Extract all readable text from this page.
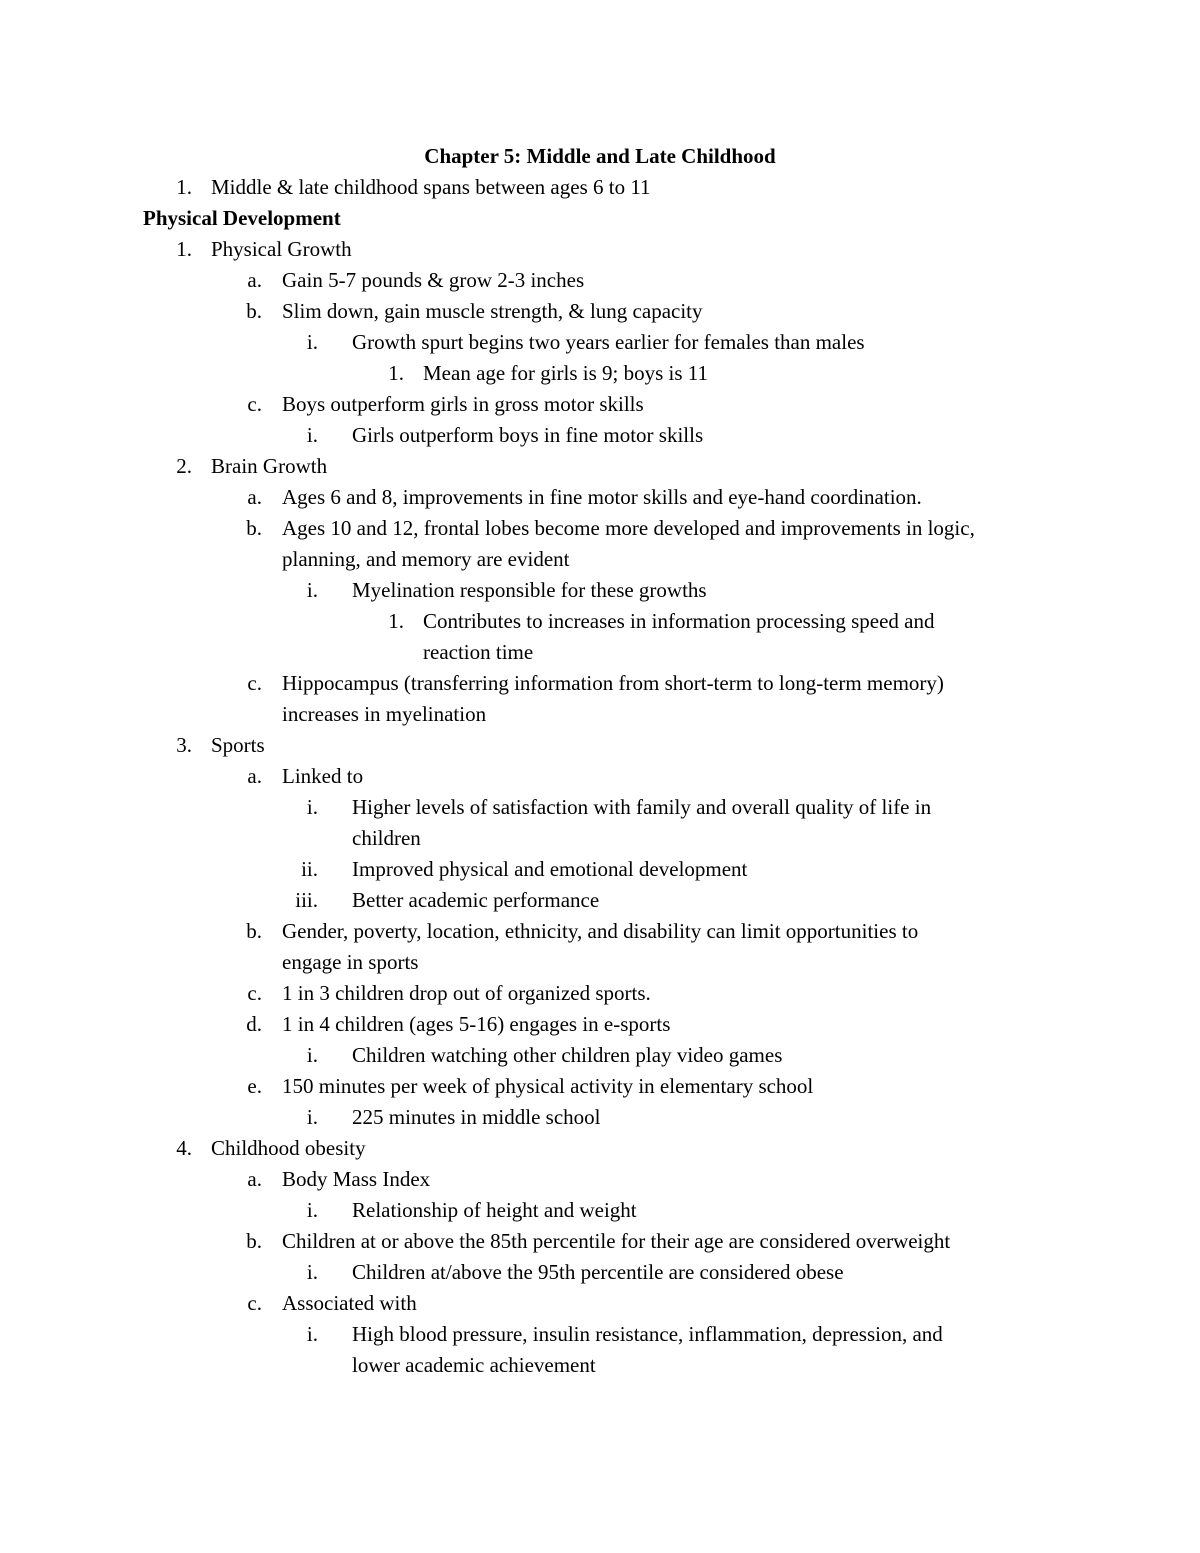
Chapter 5: Middle and Late Childhood
1. Middle & late childhood spans between ages 6 to 11
Physical Development
1. Physical Growth
a. Gain 5-7 pounds & grow 2-3 inches
b. Slim down, gain muscle strength, & lung capacity
i. Growth spurt begins two years earlier for females than males
1. Mean age for girls is 9; boys is 11
c. Boys outperform girls in gross motor skills
i. Girls outperform boys in fine motor skills
2. Brain Growth
a. Ages 6 and 8, improvements in fine motor skills and eye-hand coordination.
b. Ages 10 and 12, frontal lobes become more developed and improvements in logic,
planning, and memory are evident
i. Myelination responsible for these growths
1. Contributes to increases in information processing speed and
reaction time
c. Hippocampus (transferring information from short-term to long-term memory)
increases in myelination
3. Sports
a. Linked to
i. Higher levels of satisfaction with family and overall quality of life in
children
ii. Improved physical and emotional development
iii. Better academic performance
b. Gender, poverty, location, ethnicity, and disability can limit opportunities to
engage in sports
c. 1 in 3 children drop out of organized sports.
d. 1 in 4 children (ages 5-16) engages in e-sports
i. Children watching other children play video games
e. 150 minutes per week of physical activity in elementary school
i. 225 minutes in middle school
4. Childhood obesity
a. Body Mass Index
i. Relationship of height and weight
b. Children at or above the 85th percentile for their age are considered overweight
i. Children at/above the 95th percentile are considered obese
c. Associated with
i. High blood pressure, insulin resistance, inflammation, depression, and
lower academic achievement
